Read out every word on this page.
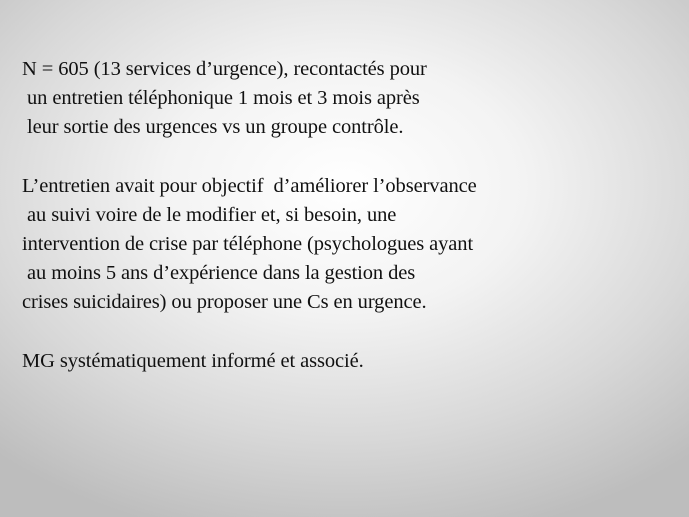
N = 605 (13 services d’urgence), recontactés pour
un entretien téléphonique 1 mois et 3 mois après
leur sortie des urgences vs un groupe contrôle.

L’entretien avait pour objectif  d’améliorer l’observance
au suivi voire de le modifier et, si besoin, une
intervention de crise par téléphone (psychologues ayant
au moins 5 ans d’expérience dans la gestion des
crises suicidaires) ou proposer une Cs en urgence.

MG systématiquement informé et associé.
